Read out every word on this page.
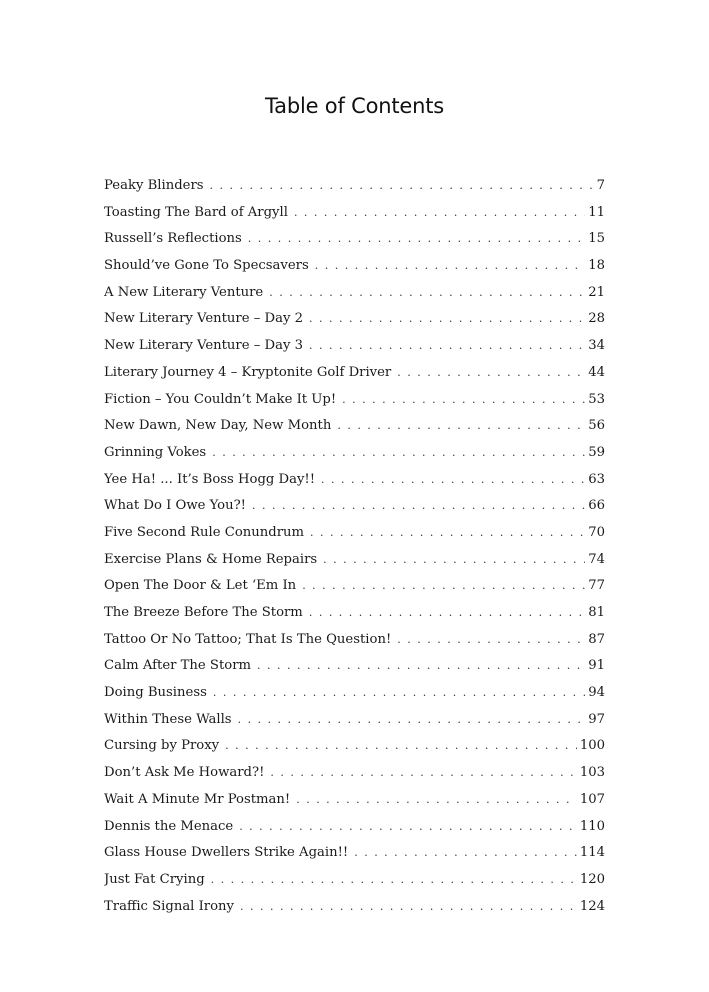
Table of Contents
Peaky Blinders . . .	7
Toasting The Bard of Argyll . . .	11
Russell’s Reflections . . .	15
Should’ve Gone To Specsavers . . .	18
A New Literary Venture . . .	21
New Literary Venture – Day 2 . . .	28
New Literary Venture – Day 3 . . .	34
Literary Journey 4 – Kryptonite Golf Driver . . .	44
Fiction – You Couldn’t Make It Up! . . .	53
New Dawn, New Day, New Month . . .	56
Grinning Vokes . . .	59
Yee Ha! ... It’s Boss Hogg Day!! . . .	63
What Do I Owe You?! . . .	66
Five Second Rule Conundrum . . .	70
Exercise Plans & Home Repairs . . .	74
Open The Door & Let ‘Em In . . .	77
The Breeze Before The Storm . . .	81
Tattoo Or No Tattoo; That Is The Question! . . .	87
Calm After The Storm . . .	91
Doing Business . . .	94
Within These Walls . . .	97
Cursing by Proxy . . .	100
Don’t Ask Me Howard?! . . .	103
Wait A Minute Mr Postman! . . .	107
Dennis the Menace . . .	110
Glass House Dwellers Strike Again!! . . .	114
Just Fat Crying . . .	120
Traffic Signal Irony . . .	124
